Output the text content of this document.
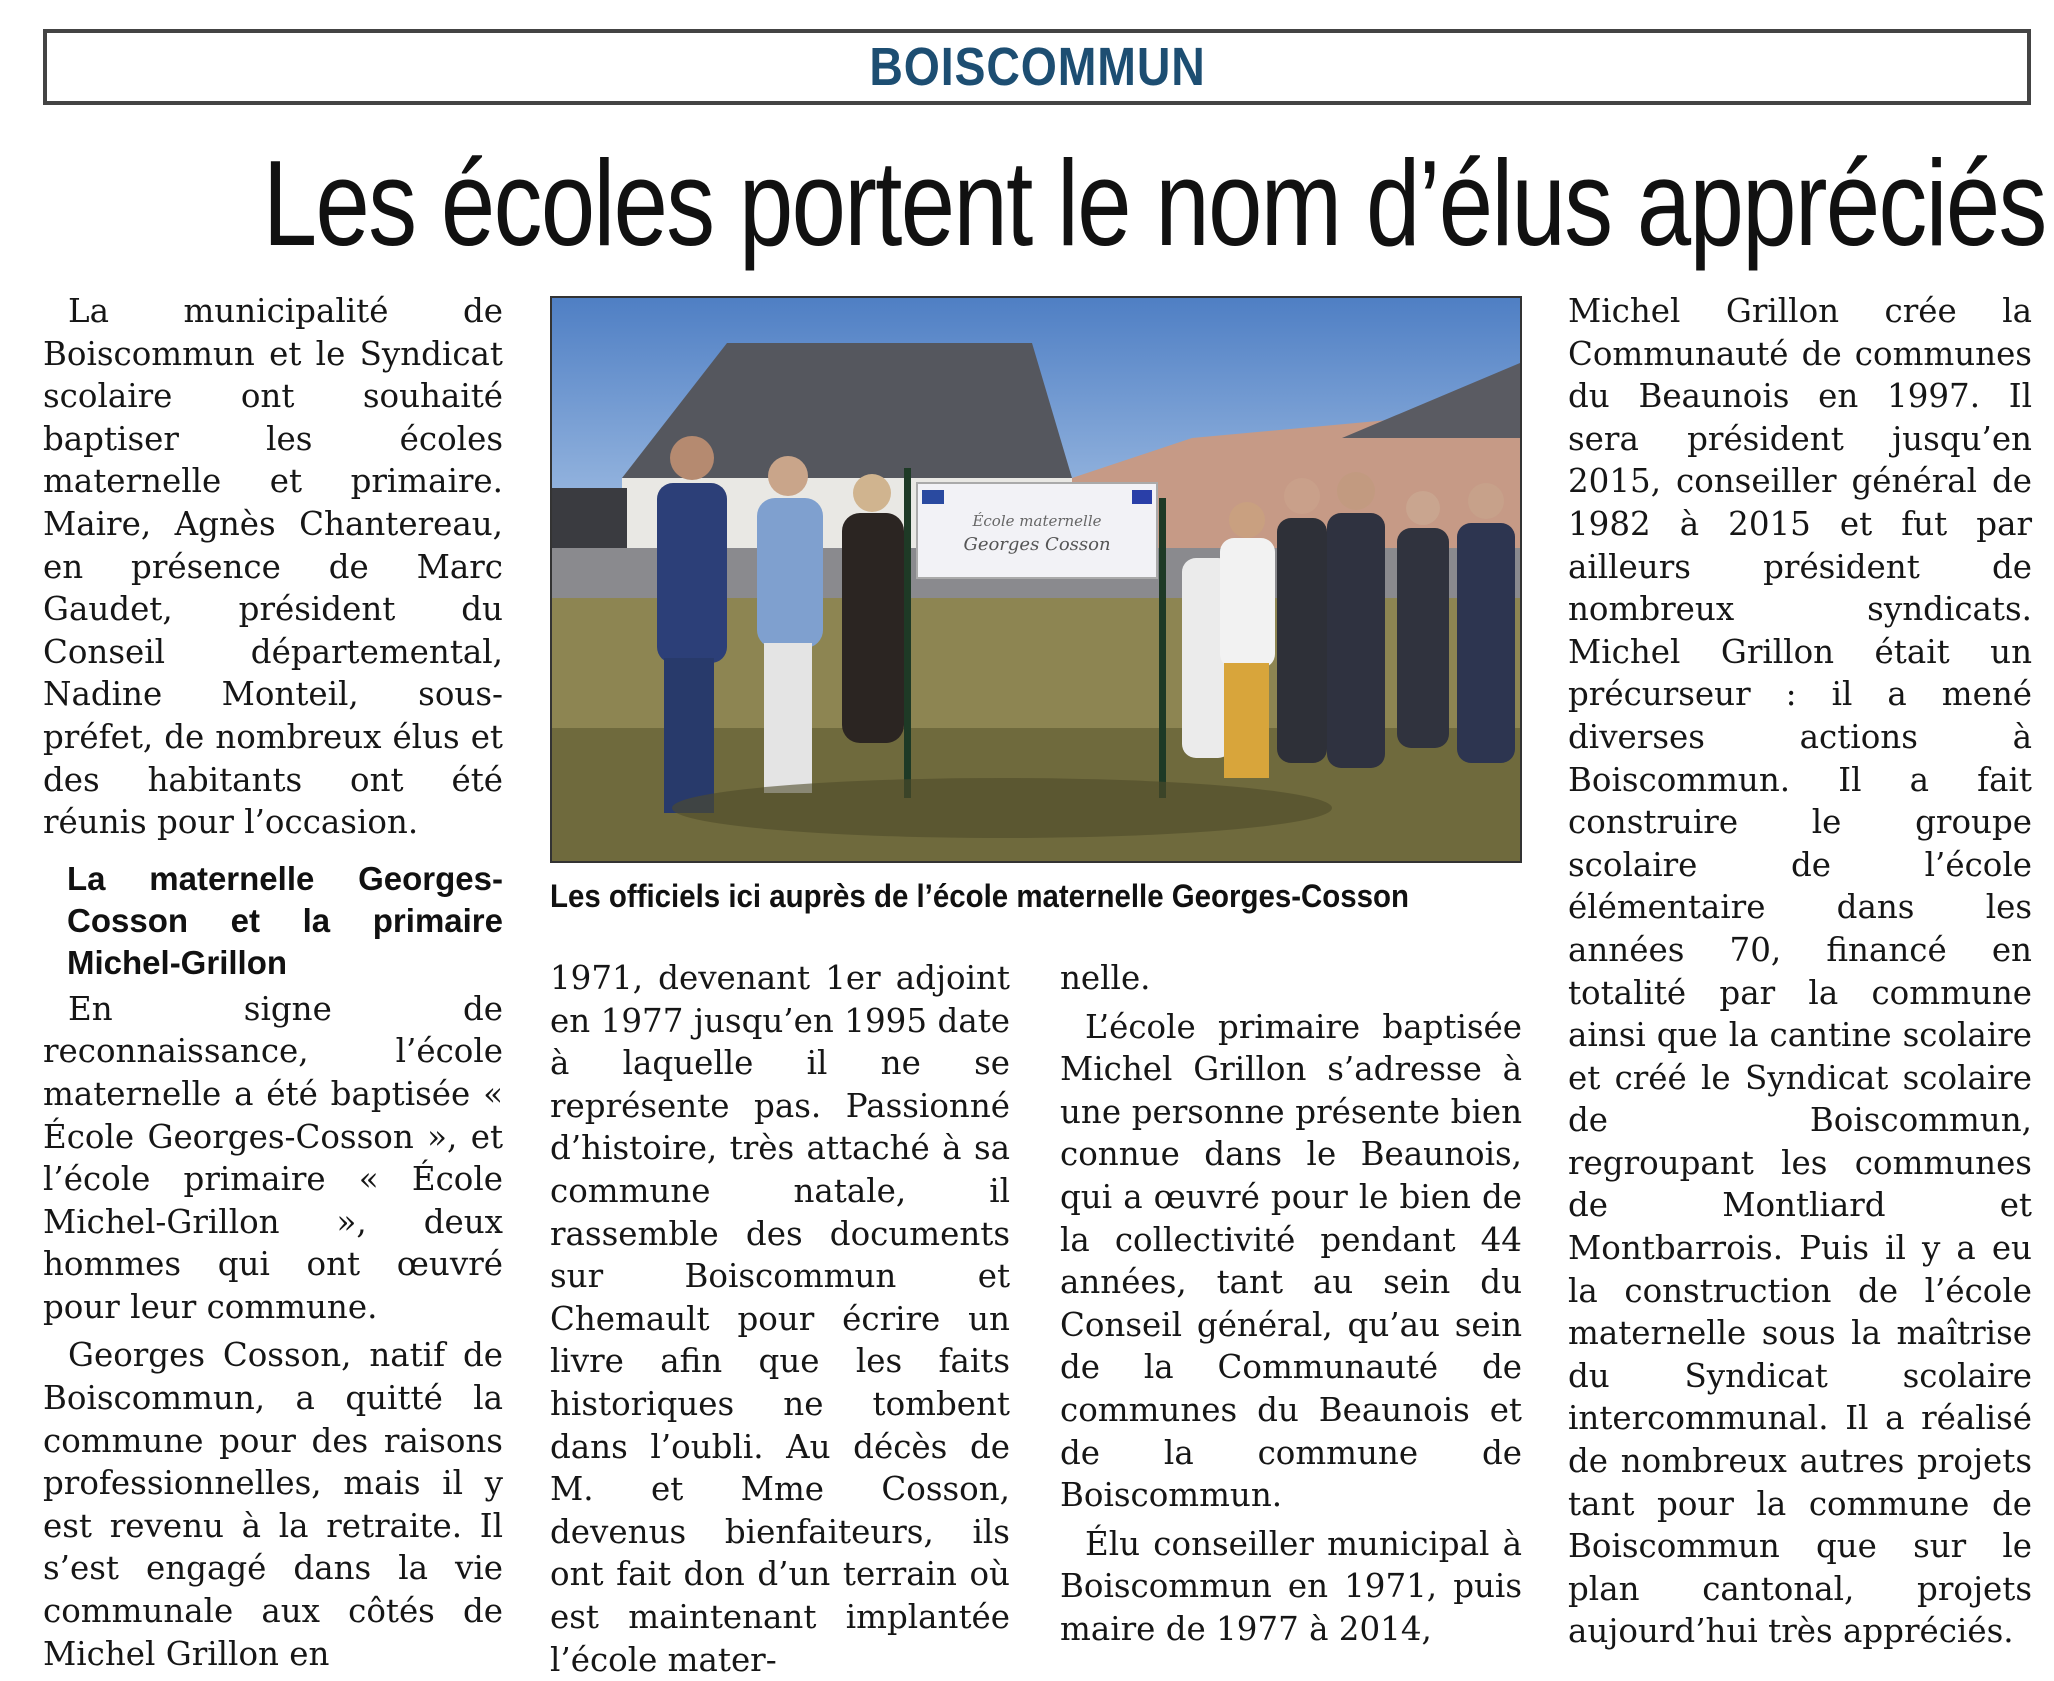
BOISCOMMUN
Les écoles portent le nom d’élus appréciés

La municipalité de Boiscommun et le Syndicat scolaire ont souhaité baptiser les écoles maternelle et primaire. Maire, Agnès Chantereau, en présence de Marc Gaudet, président du Conseil départemental, Nadine Monteil, sous-préfet, de nombreux élus et des habitants ont été réunis pour l’occasion.

La maternelle Georges-Cosson et la primaire Michel-Grillon

En signe de reconnaissance, l’école maternelle a été baptisée « École Georges-Cosson », et l’école primaire « École Michel-Grillon », deux hommes qui ont œuvré pour leur commune.

Georges Cosson, natif de Boiscommun, a quitté la commune pour des raisons professionnelles, mais il y est revenu à la retraite. Il s’est engagé dans la vie communale aux côtés de Michel Grillon en

École maternelle
Georges Cosson
Les officiels ici auprès de l’école maternelle Georges-Cosson

1971, devenant 1er adjoint en 1977 jusqu’en 1995 date à laquelle il ne se représente pas. Passionné d’histoire, très attaché à sa commune natale, il rassemble des documents sur Boiscommun et Chemault pour écrire un livre afin que les faits historiques ne tombent dans l’oubli. Au décès de M. et Mme Cosson, devenus bienfaiteurs, ils ont fait don d’un terrain où est maintenant implantée l’école mater-

nelle.

L’école primaire baptisée Michel Grillon s’adresse à une personne présente bien connue dans le Beaunois, qui a œuvré pour le bien de la collectivité pendant 44 années, tant au sein du Conseil général, qu’au sein de la Communauté de communes du Beaunois et de la commune de Boiscommun.

Élu conseiller municipal à Boiscommun en 1971, puis maire de 1977 à 2014,

Michel Grillon crée la Communauté de communes du Beaunois en 1997. Il sera président jusqu’en 2015, conseiller général de 1982 à 2015 et fut par ailleurs président de nombreux syndicats. Michel Grillon était un précurseur : il a mené diverses actions à Boiscommun. Il a fait construire le groupe scolaire de l’école élémentaire dans les années 70, financé en totalité par la commune ainsi que la cantine scolaire et créé le Syndicat scolaire de Boiscommun, regroupant les communes de Montliard et Montbarrois. Puis il y a eu la construction de l’école maternelle sous la maîtrise du Syndicat scolaire intercommunal. Il a réalisé de nombreux autres projets tant pour la commune de Boiscommun que sur le plan cantonal, projets aujourd’hui très appréciés.
